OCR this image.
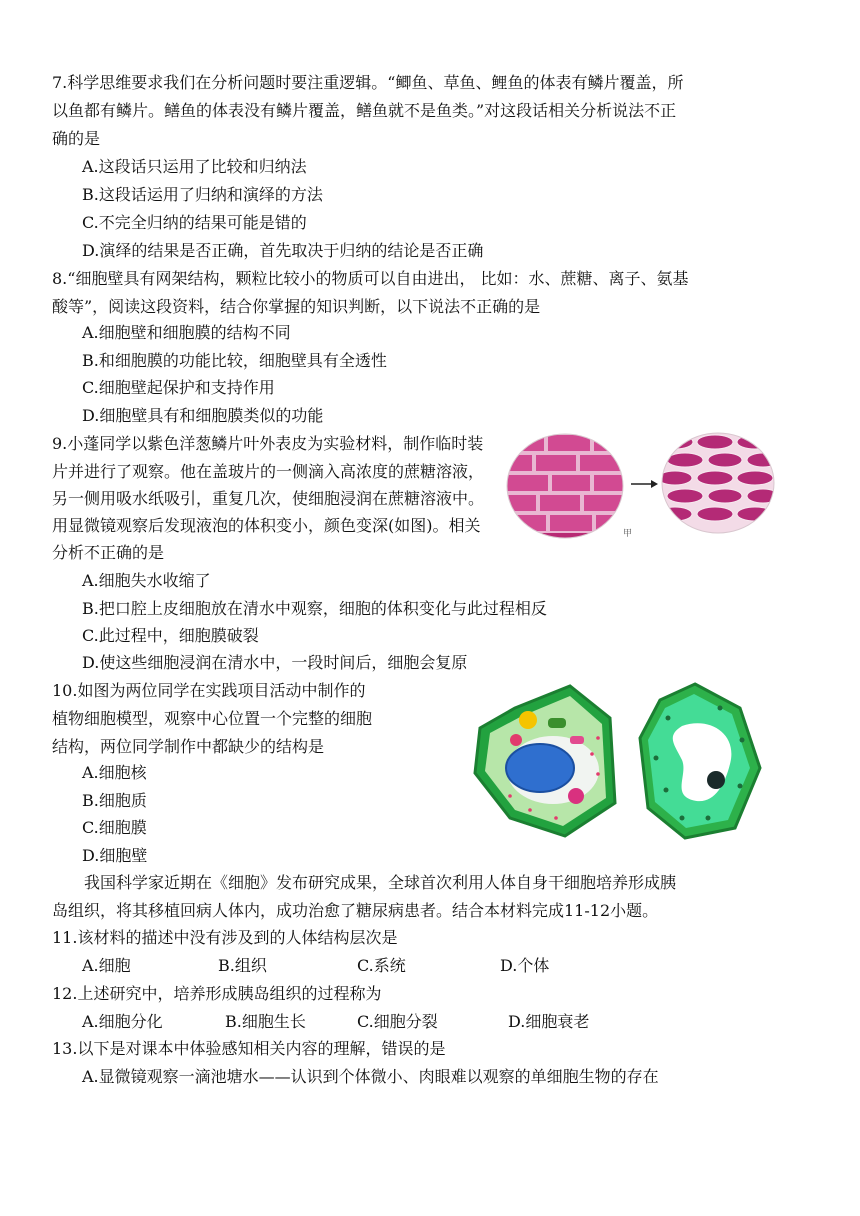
7.科学思维要求我们在分析问题时要注重逻辑。“鲫鱼、草鱼、鲤鱼的体表有鳞片覆盖，所
以鱼都有鳞片。鳝鱼的体表没有鳞片覆盖，鳝鱼就不是鱼类。”对这段话相关分析说法不正
确的是
A.这段话只运用了比较和归纳法
B.这段话运用了归纳和演绎的方法
C.不完全归纳的结果可能是错的
D.演绎的结果是否正确，首先取决于归纳的结论是否正确
8.“细胞壁具有网架结构，颗粒比较小的物质可以自由进出， 比如：水、蔗糖、离子、氨基
酸等”，阅读这段资料，结合你掌握的知识判断，以下说法不正确的是
A.细胞壁和细胞膜的结构不同
B.和细胞膜的功能比较，细胞壁具有全透性
C.细胞壁起保护和支持作用
D.细胞壁具有和细胞膜类似的功能
9.小蓬同学以紫色洋葱鳞片叶外表皮为实验材料，制作临时装
片并进行了观察。他在盖玻片的一侧滴入高浓度的蔗糖溶液，
另一侧用吸水纸吸引，重复几次，使细胞浸润在蔗糖溶液中。
用显微镜观察后发现液泡的体积变小，颜色变深(如图)。相关
分析不正确的是
A.细胞失水收缩了
B.把口腔上皮细胞放在清水中观察，细胞的体积变化与此过程相反
C.此过程中，细胞膜破裂
D.使这些细胞浸润在清水中，一段时间后，细胞会复原
甲
10.如图为两位同学在实践项目活动中制作的
植物细胞模型，观察中心位置一个完整的细胞
结构，两位同学制作中都缺少的结构是
A.细胞核
B.细胞质
C.细胞膜
D.细胞壁
我国科学家近期在《细胞》发布研究成果，全球首次利用人体自身干细胞培养形成胰
岛组织，将其移植回病人体内，成功治愈了糖尿病患者。结合本材料完成11-12小题。
11.该材料的描述中没有涉及到的人体结构层次是
A.细胞	B.组织	C.系统	D.个体
12.上述研究中，培养形成胰岛组织的过程称为
A.细胞分化	B.细胞生长	C.细胞分裂	D.细胞衰老
13.以下是对课本中体验感知相关内容的理解，错误的是
A.显微镜观察一滴池塘水——认识到个体微小、肉眼难以观察的单细胞生物的存在
